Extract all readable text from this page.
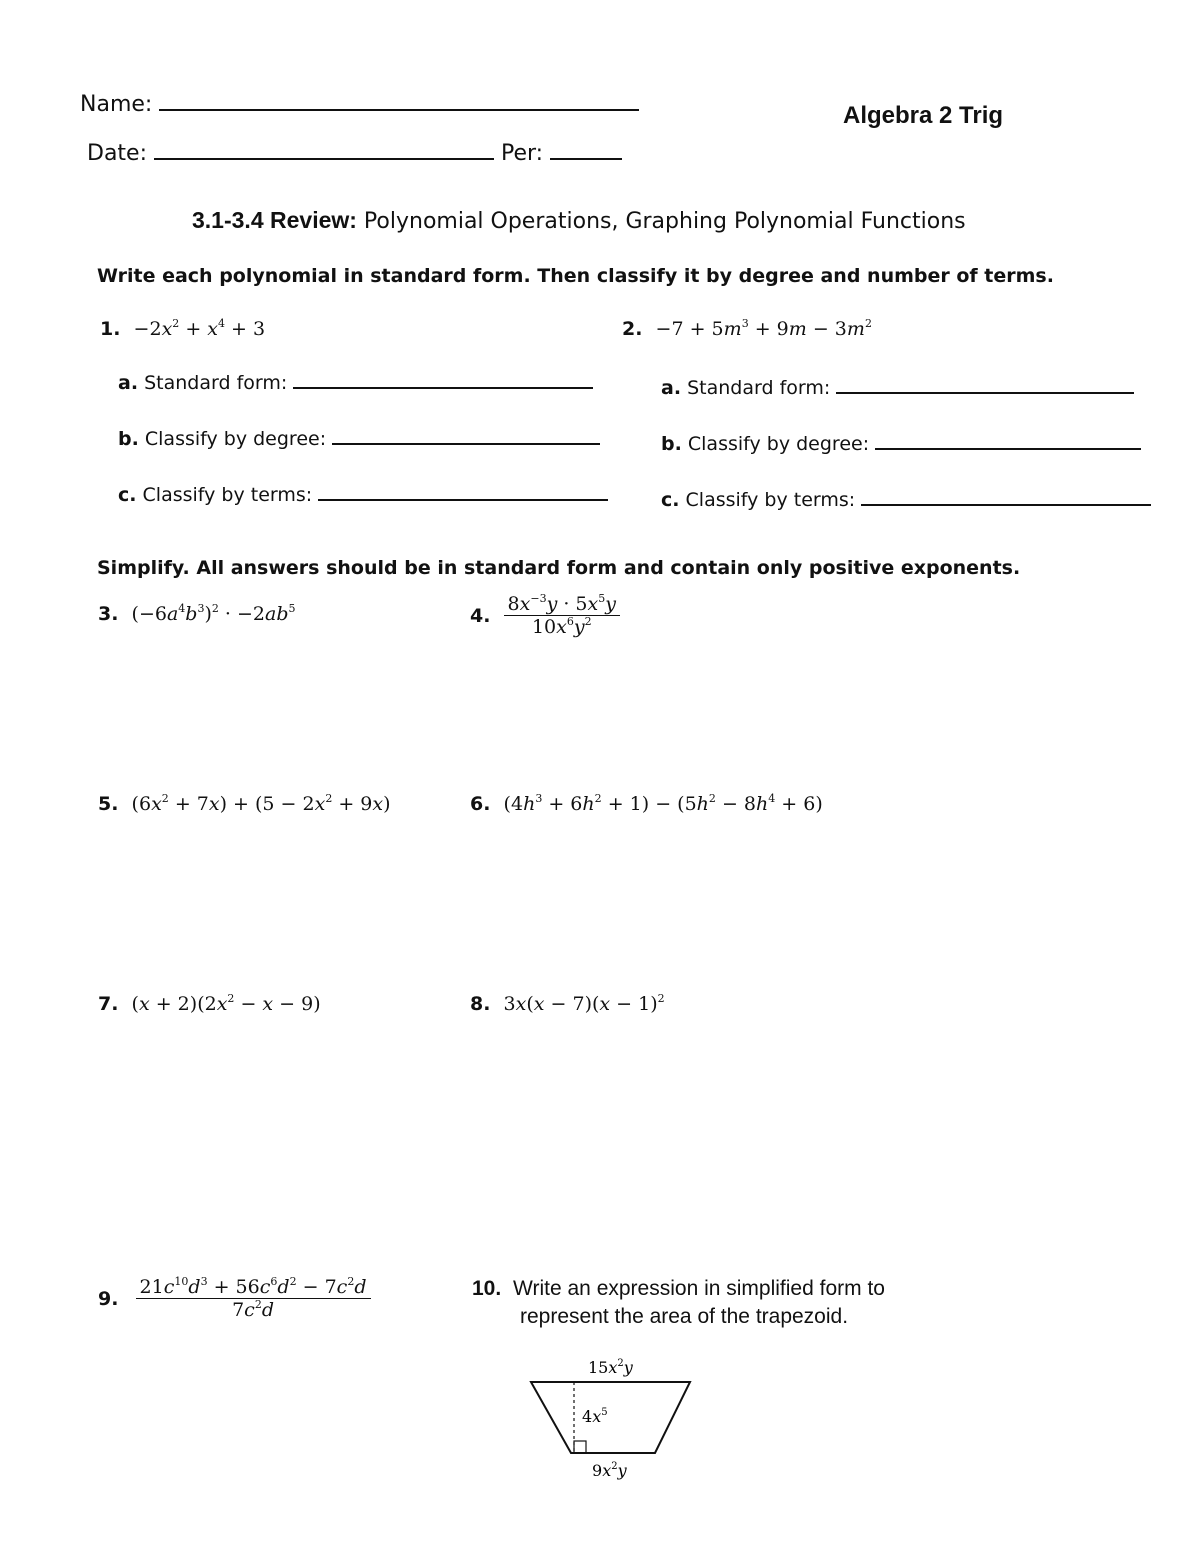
Name:	Algebra 2 Trig
Date:	Per:
3.1-3.4 Review: Polynomial Operations, Graphing Polynomial Functions
Write each polynomial in standard form. Then classify it by degree and number of terms.
1. $-2x^2 + x^4 + 3$
a. Standard form:
b. Classify by degree:
c. Classify by terms:
2. $-7 + 5m^3 + 9m - 3m^2$
a. Standard form:
b. Classify by degree:
c. Classify by terms:
Simplify. All answers should be in standard form and contain only positive exponents.
3. $(-6a^4b^3)^2 \cdot -2ab^5$	4. $\frac{8x^{-3}y \cdot 5x^5y}{10x^6y^2}$
5. $(6x^2 + 7x) + (5 - 2x^2 + 9x)$	6. $(4h^3 + 6h^2 + 1) - (5h^2 - 8h^4 + 6)$
7. $(x + 2)(2x^2 - x - 9)$	8. $3x(x - 7)(x - 1)^2$
9. $\frac{21c^{10}d^3 + 56c^6d^2 - 7c^2d}{7c^2d}$	10. Write an expression in simplified form to
represent the area of the trapezoid.
$15x^2y$
$4x^5$
$9x^2y$
